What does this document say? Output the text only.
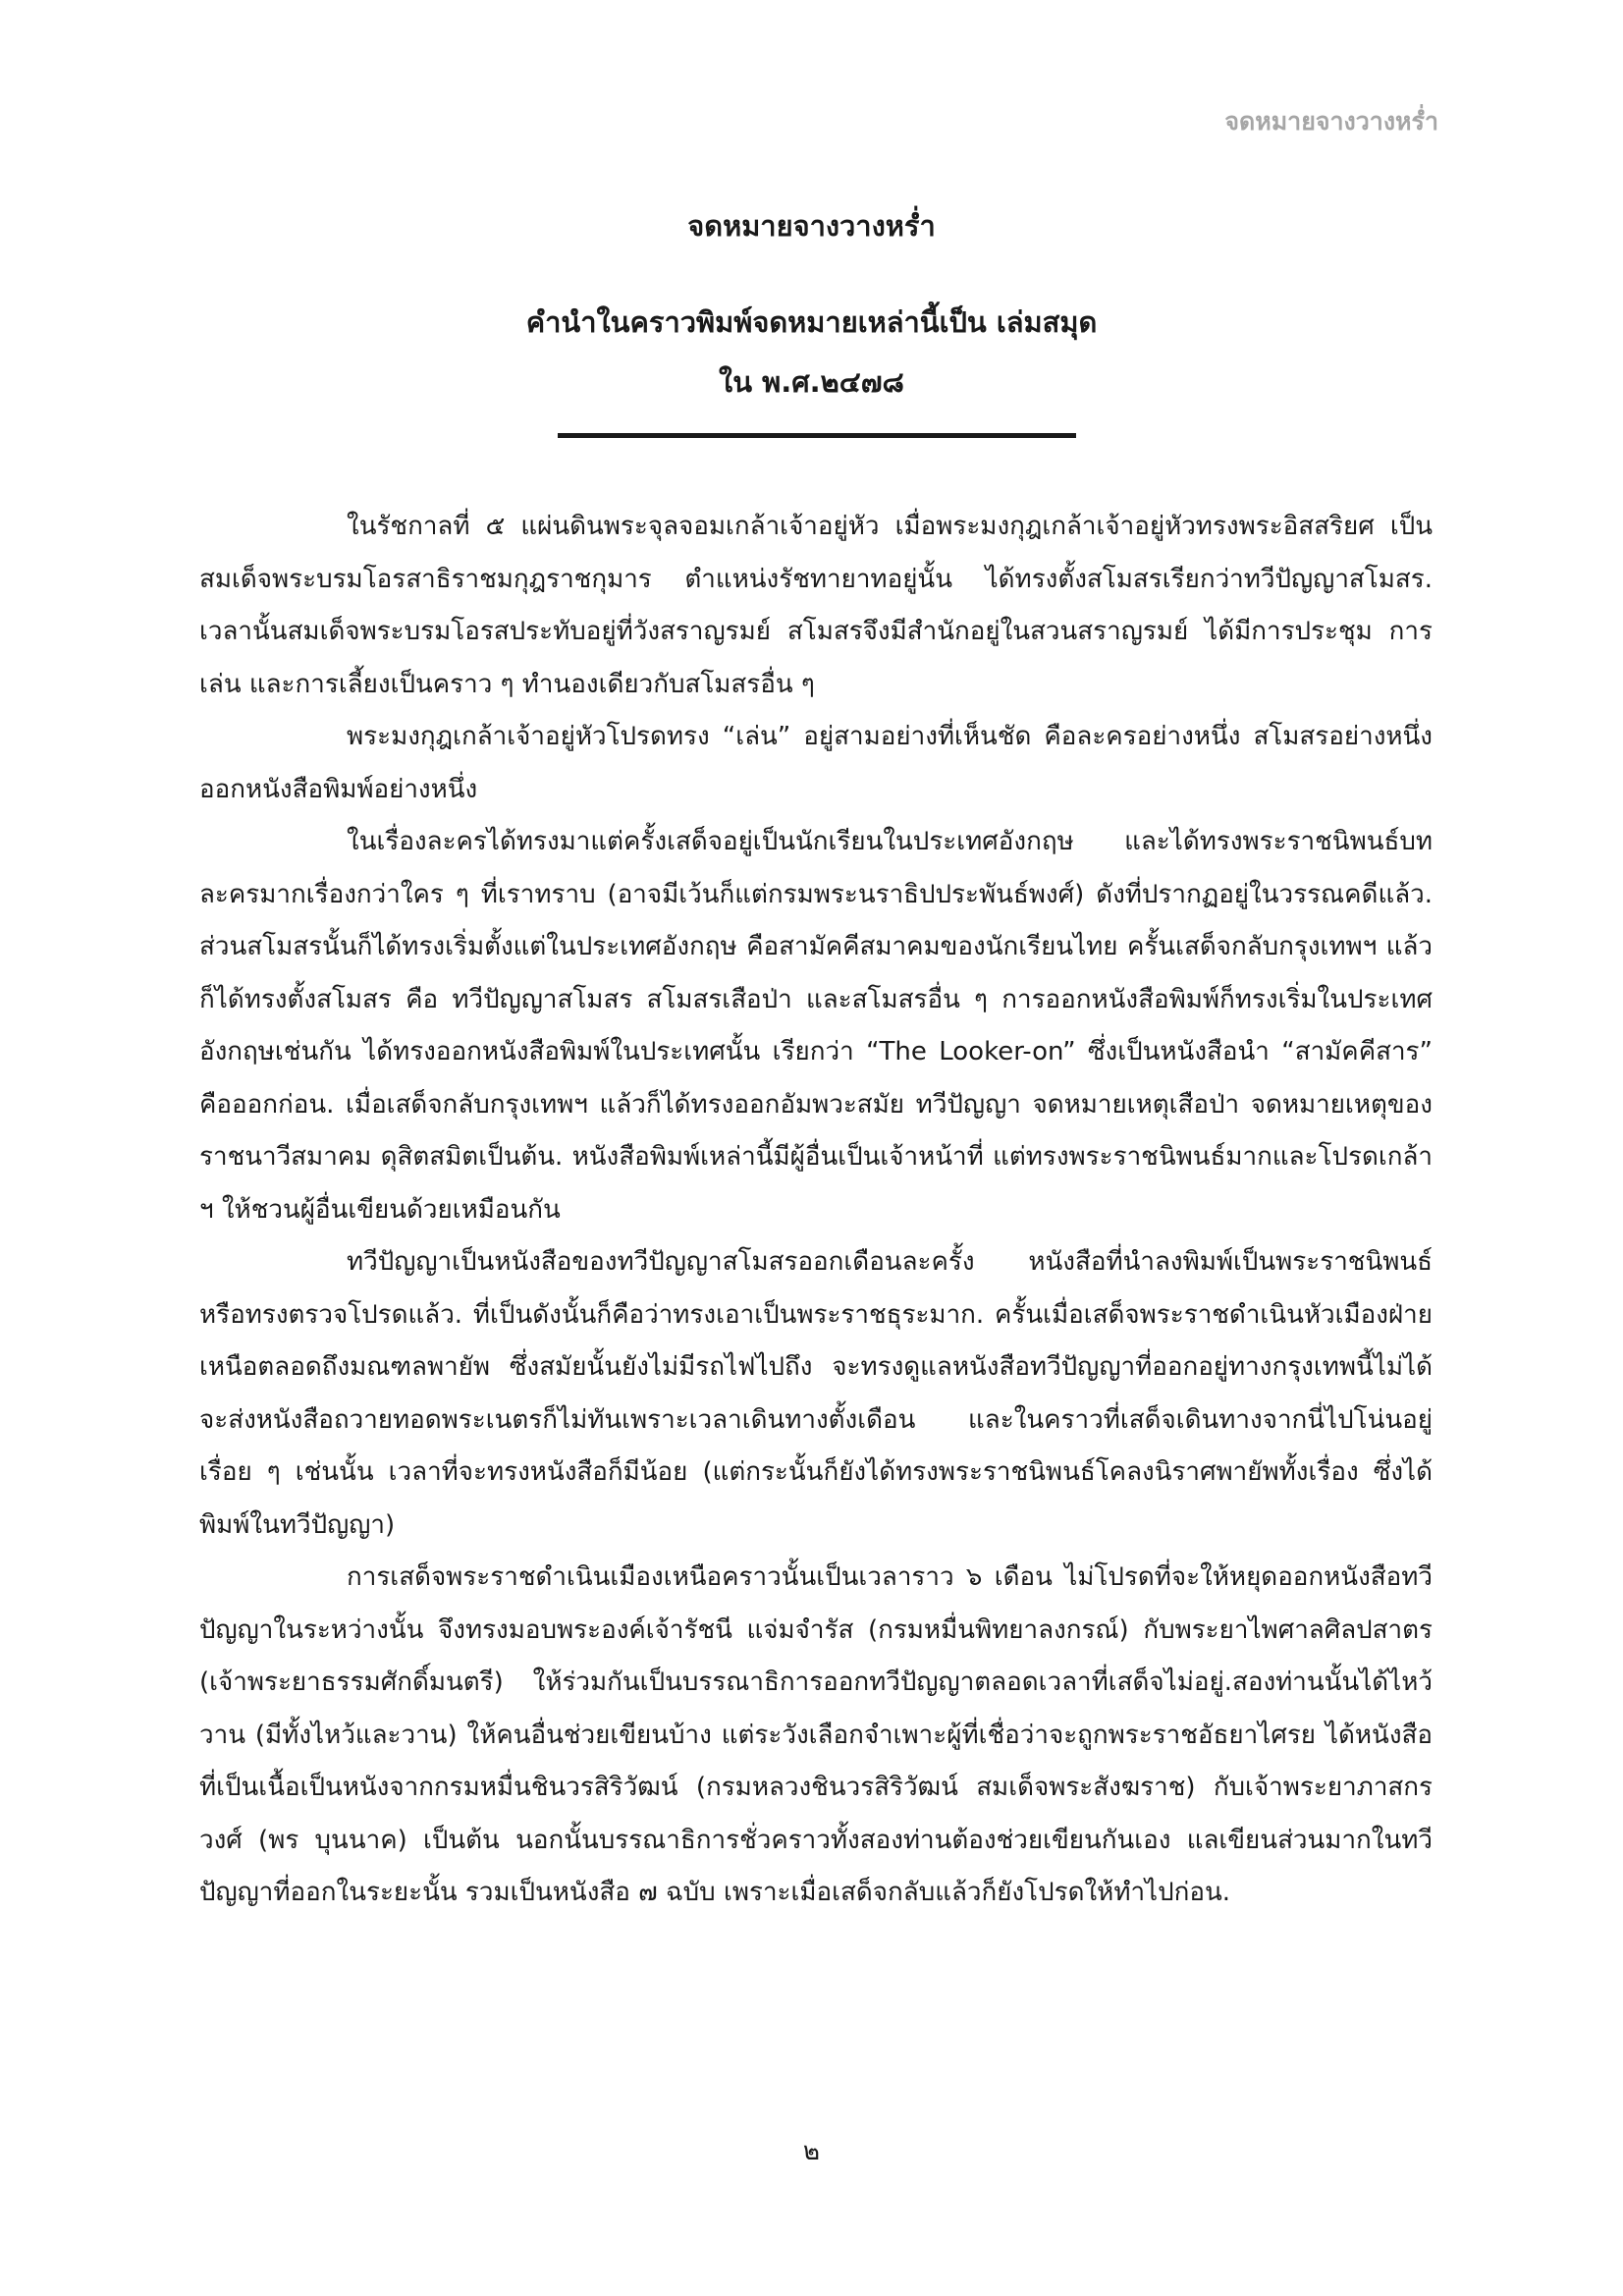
จดหมายจางวางหร่ำ
จดหมายจางวางหร่ำ
คำนำในคราวพิมพ์จดหมายเหล่านี้เป็น เล่มสมุด
ใน พ.ศ.๒๔๗๘

ในรัชกาลที่ ๕ แผ่นดินพระจุลจอมเกล้าเจ้าอยู่หัว เมื่อพระมงกุฎเกล้าเจ้าอยู่หัวทรงพระอิสสริยศ เป็นสมเด็จพระบรมโอรสาธิราชมกุฎราชกุมาร ตำแหน่งรัชทายาทอยู่นั้น ได้ทรงตั้งสโมสรเรียกว่าทวีปัญญาสโมสร. เวลานั้นสมเด็จพระบรมโอรสประทับอยู่ที่วังสราญรมย์ สโมสรจึงมีสำนักอยู่ในสวนสราญรมย์ ได้มีการประชุม การเล่น และการเลี้ยงเป็นคราว ๆ ทำนองเดียวกับสโมสรอื่น ๆ

พระมงกุฎเกล้าเจ้าอยู่หัวโปรดทรง “เล่น” อยู่สามอย่างที่เห็นชัด คือละครอย่างหนึ่ง สโมสรอย่างหนึ่ง ออกหนังสือพิมพ์อย่างหนึ่ง

ในเรื่องละครได้ทรงมาแต่ครั้งเสด็จอยู่เป็นนักเรียนในประเทศอังกฤษ และได้ทรงพระราชนิพนธ์บทละครมากเรื่องกว่าใคร ๆ ที่เราทราบ (อาจมีเว้นก็แต่กรมพระนราธิปประพันธ์พงศ์) ดังที่ปรากฏอยู่ในวรรณคดีแล้ว. ส่วนสโมสรนั้นก็ได้ทรงเริ่มตั้งแต่ในประเทศอังกฤษ คือสามัคคีสมาคมของนักเรียนไทย ครั้นเสด็จกลับกรุงเทพฯ แล้ว ก็ได้ทรงตั้งสโมสร คือ ทวีปัญญาสโมสร สโมสรเสือป่า และสโมสรอื่น ๆ การออกหนังสือพิมพ์ก็ทรงเริ่มในประเทศอังกฤษเช่นกัน ได้ทรงออกหนังสือพิมพ์ในประเทศนั้น เรียกว่า “The Looker-on” ซึ่งเป็นหนังสือนำ “สามัคคีสาร” คือออกก่อน. เมื่อเสด็จกลับกรุงเทพฯ แล้วก็ได้ทรงออกอัมพวะสมัย ทวีปัญญา จดหมายเหตุเสือป่า จดหมายเหตุของราชนาวีสมาคม ดุสิตสมิตเป็นต้น. หนังสือพิมพ์เหล่านี้มีผู้อื่นเป็นเจ้าหน้าที่ แต่ทรงพระราชนิพนธ์มากและโปรดเกล้า ฯ ให้ชวนผู้อื่นเขียนด้วยเหมือนกัน

ทวีปัญญาเป็นหนังสือของทวีปัญญาสโมสรออกเดือนละครั้ง หนังสือที่นำลงพิมพ์เป็นพระราชนิพนธ์หรือทรงตรวจโปรดแล้ว. ที่เป็นดังนั้นก็คือว่าทรงเอาเป็นพระราชธุระมาก. ครั้นเมื่อเสด็จพระราชดำเนินหัวเมืองฝ่ายเหนือตลอดถึงมณฑลพายัพ ซึ่งสมัยนั้นยังไม่มีรถไฟไปถึง จะทรงดูแลหนังสือทวีปัญญาที่ออกอยู่ทางกรุงเทพนี้ไม่ได้ จะส่งหนังสือถวายทอดพระเนตรก็ไม่ทันเพราะเวลาเดินทางตั้งเดือน และในคราวที่เสด็จเดินทางจากนี่ไปโน่นอยู่เรื่อย ๆ เช่นนั้น เวลาที่จะทรงหนังสือก็มีน้อย (แต่กระนั้นก็ยังได้ทรงพระราชนิพนธ์โคลงนิราศพายัพทั้งเรื่อง ซึ่งได้พิมพ์ในทวีปัญญา)

การเสด็จพระราชดำเนินเมืองเหนือคราวนั้นเป็นเวลาราว ๖ เดือน ไม่โปรดที่จะให้หยุดออกหนังสือทวีปัญญาในระหว่างนั้น จึงทรงมอบพระองค์เจ้ารัชนี แจ่มจำรัส (กรมหมื่นพิทยาลงกรณ์) กับพระยาไพศาลศิลปสาตร (เจ้าพระยาธรรมศักดิ์มนตรี) ให้ร่วมกันเป็นบรรณาธิการออกทวีปัญญาตลอดเวลาที่เสด็จไม่อยู่.สองท่านนั้นได้ไหว้วาน (มีทั้งไหว้และวาน) ให้คนอื่นช่วยเขียนบ้าง แต่ระวังเลือกจำเพาะผู้ที่เชื่อว่าจะถูกพระราชอัธยาไศรย ได้หนังสือที่เป็นเนื้อเป็นหนังจากกรมหมื่นชินวรสิริวัฒน์ (กรมหลวงชินวรสิริวัฒน์ สมเด็จพระสังฆราช) กับเจ้าพระยาภาสกรวงศ์ (พร บุนนาค) เป็นต้น นอกนั้นบรรณาธิการชั่วคราวทั้งสองท่านต้องช่วยเขียนกันเอง แลเขียนส่วนมากในทวีปัญญาที่ออกในระยะนั้น รวมเป็นหนังสือ ๗ ฉบับ เพราะเมื่อเสด็จกลับแล้วก็ยังโปรดให้ทำไปก่อน.

๒
